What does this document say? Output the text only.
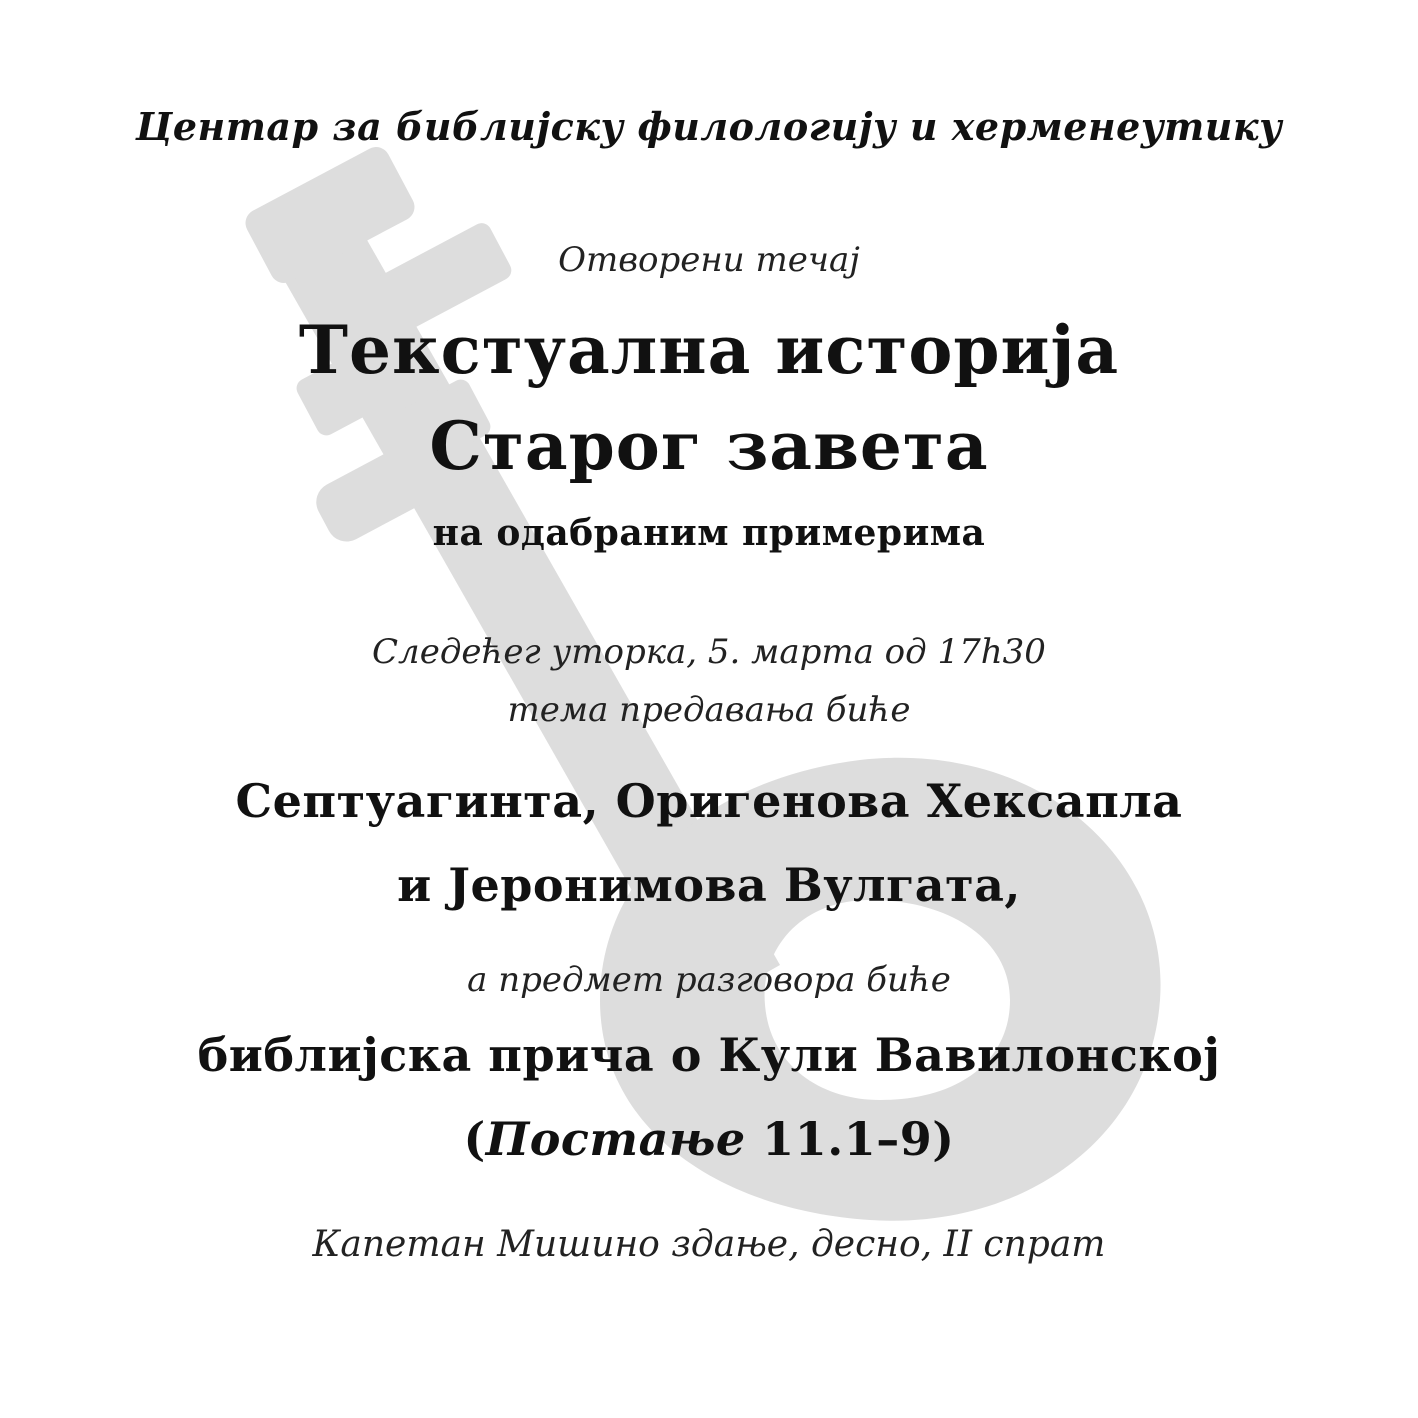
Центар за библијску филологију и херменеутику
Отворени течај
Текстуална историја
Старог завета
на одабраним примерима
Следећег уторка, 5. марта од 17h30
тема предавања биће
Септуагинта, Оригенова Хексапла
и Јеронимова Вулгата,
а предмет разговора биће
библијска прича о Кули Вавилонској
(Постање 11.1–9)
Капетан Мишино здање, десно, II спрат
